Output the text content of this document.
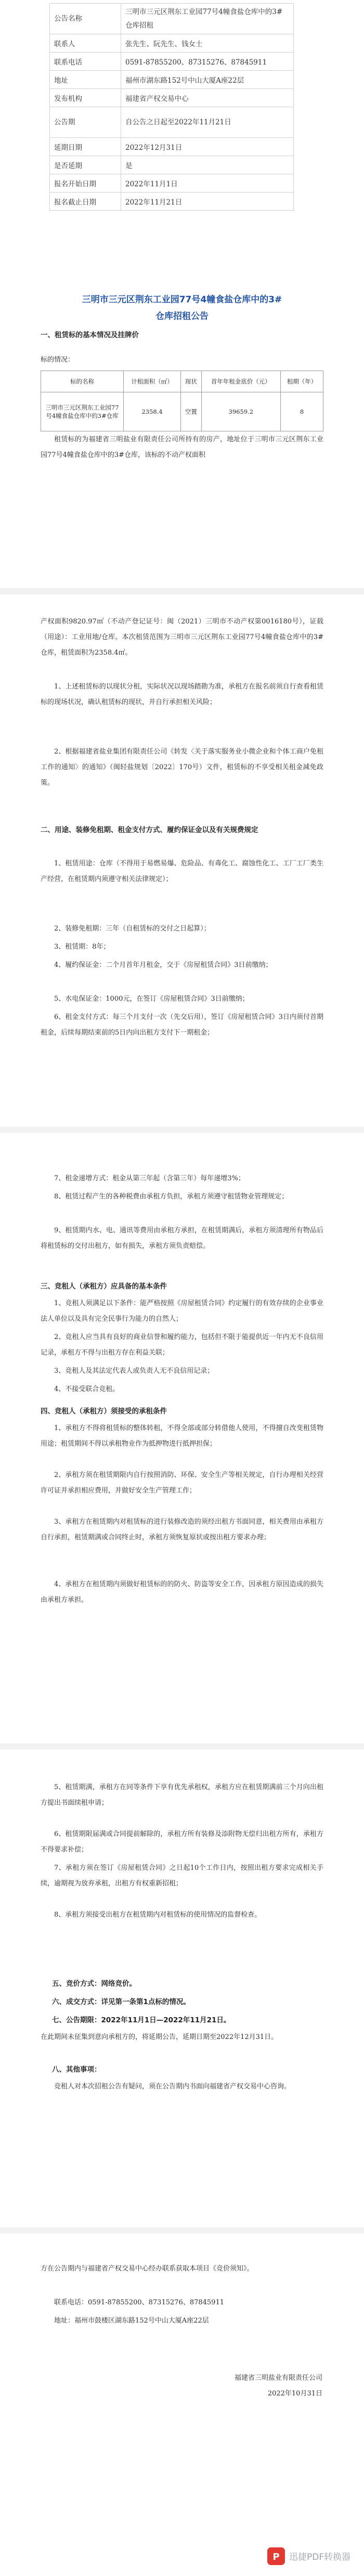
公告名称	三明市三元区荆东工业园77号4幢食盐仓库中的3#仓库招租
联系人	张先生、阮先生、钱女士
联系电话	0591-87855200、87315276、87845911
地址	福州市湖东路152号中山大厦A座22层
发布机构	福建省产权交易中心
公告期	自公告之日起至2022年11月21日
延期日期	2022年12月31日
是否延期	是
报名开始日期	2022年11月1日
报名截止日期	2022年11月21日
三明市三元区荆东工业园77号4幢食盐仓库中的3#
仓库招租公告
一、租赁标的基本情况及挂牌价
标的情况：
标的名称	计租面积（㎡）	现状	首年年租金底价（元）	租期（年）
三明市三元区荆东工业园77号4幢食盐仓库中的3#仓库	2358.4	空置	39659.2	8

租赁标的为福建省三明盐业有限责任公司所持有的房产，地址位于三明市三元区荆东工业园77号4幢食盐仓库中的3#仓库，该标的不动产权面积

产权面积9820.97㎡（不动产登记证号：闽（2021）三明市不动产权第0016180号），证载（用途）：工业用地/仓库。本次租赁范围为三明市三元区荆东工业园77号4幢食盐仓库中的3#仓库，租赁面积为2358.4㎡。

1、上述租赁标的以现状分租，实际状况以现场踏勘为准，承租方在报名前须自行查看租赁标的现场状况，确认租赁标的现状，并自行承担相关风险；

2、根据福建省盐业集团有限责任公司《转发〈关于落实服务业小微企业和个体工商户免租工作的通知〉的通知》（闽轻盐规划〔2022〕170号）文件，租赁标的不享受相关租金减免政策。

二、用途、装修免租期、租金支付方式、履约保证金以及有关规费规定

1、租赁用途：仓库（不得用于易燃易爆、危险品、有毒化工、腐蚀性化工、工厂工厂类生产经营，在租赁期内须遵守相关法律规定）；

2、装修免租期：三年（自租赁标的交付之日起算）；

3、租赁期：8年；

4、履约保证金：二个月首年月租金，交于《房屋租赁合同》3日前缴纳；

5、水电保证金：1000元，在签订《房屋租赁合同》3日前缴纳；

6、租金支付方式：每三个月支付一次（先交后用），签订《房屋租赁合同》3日内须付首期租金，后续每期结束前的5日内向出租方支付下一期租金；

7、租金递增方式：租金从第三年起（含第三年）每年递增3%；

8、租赁过程产生的各种税费由承租方负担，承租方须遵守租赁物业管理规定；

9、租赁期内水、电、通讯等费用由承租方承担，在租赁期满后，承租方须清理所有物品后将租赁标的交付出租方，如有损失，承租方须负责赔偿。

三、竞租人（承租方）应具备的基本条件

1、竞租人须满足以下条件：能严格按照《房屋租赁合同》约定履行的有效存续的企业事业法人单位以及具有完全民事行为能力的自然人；

2、竞租人应当具有良好的商业信誉和履约能力，包括但不限于能提供近一年内无不良信用记录，承租方不得与出租方存在利益关联；

3、竞租人及其法定代表人或负责人无不良信用记录；

4、不接受联合竞租。

四、竞租人（承租方）须接受的承租条件

1、承租方不得将租赁标的整体转租，不得全部或部分转借他人使用，不得擅自改变租赁物用途；租赁期间不得以承租物业作为抵押物进行抵押担保；

2、承租方须在租赁期限内自行按照消防、环保、安全生产等相关规定，自行办理相关经营许可证并承担相应费用，并做好安全生产管理工作；

3、承租方在租赁期内对租赁标的进行装修改造的须经出租方书面同意，相关费用由承租方自行承担，租赁期满或合同终止时，承租方须恢复原状或按出租方要求办理；

4、承租方在租赁期内须做好租赁标的的防火、防盗等安全工作，因承租方原因造成的损失由承租方承担。

5、租赁期满，承租方在同等条件下享有优先承租权，承租方应在租赁期满前三个月向出租方提出书面续租申请；

6、租赁期限届满或合同提前解除的，承租方所有装修及添附物无偿归出租方所有，承租方不得要求补偿；

7、承租方须在签订《房屋租赁合同》之日起10个工作日内，按照出租方要求完成相关手续，逾期视为放弃承租，出租方有权重新招租；

8、承租方须接受出租方在租赁期内对租赁标的使用情况的监督检查。

五、竞价方式：网络竞价。
六、成交方式：详见第一条第1点标的情况。
七、公告期限：2022年11月1日—2022年11月21日。

在此期间未征集到意向承租方的，将延期公告，延期日期至2022年12月31日。

八、其他事项：

竞租人对本次招租公告有疑问，须在公告期内书面向福建省产权交易中心咨询。

方在公告期内与福建省产权交易中心经办联系获取本项目《竞价须知》。

联系电话：0591-87855200、87315276、87845911

地址：福州市鼓楼区湖东路152号中山大厦A座22层

福建省三明盐业有限责任公司
2022年10月31日
P 迅捷PDF转换器
